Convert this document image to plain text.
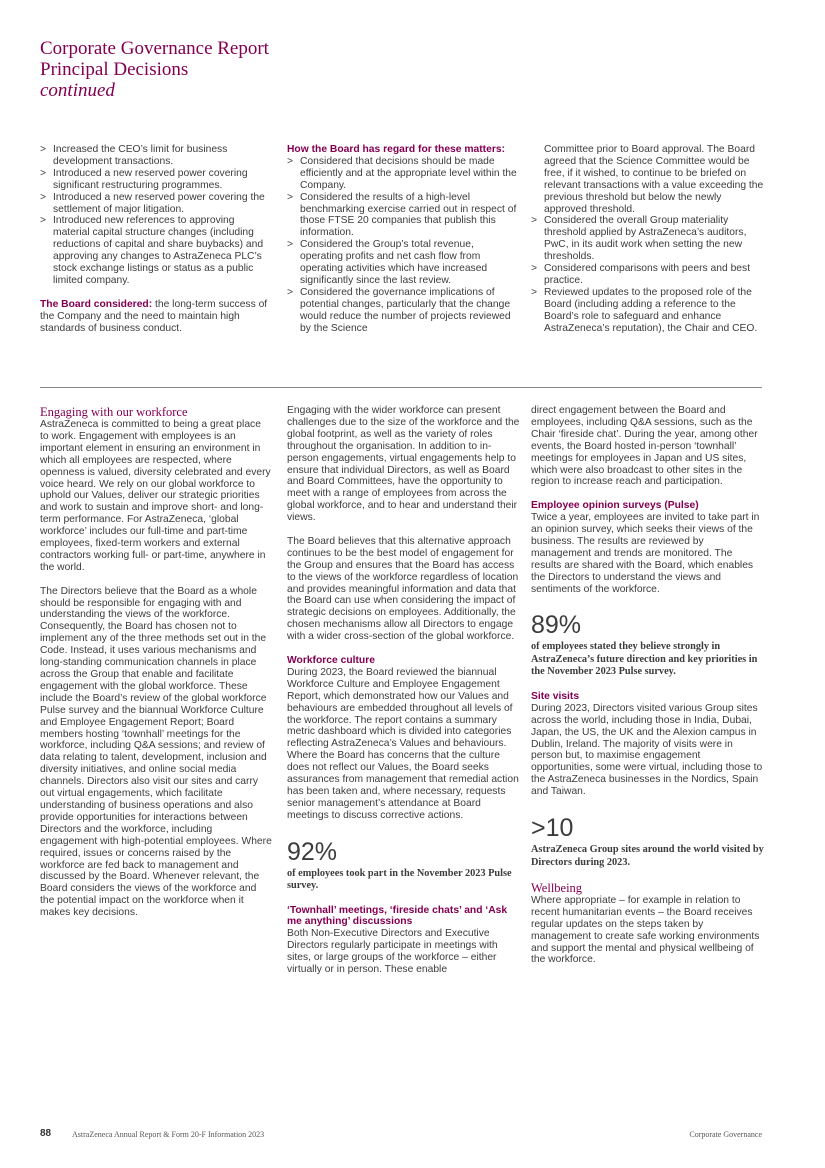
Corporate Governance Report
Principal Decisions
continued
> Increased the CEO’s limit for business development transactions.
> Introduced a new reserved power covering significant restructuring programmes.
> Introduced a new reserved power covering the settlement of major litigation.
> Introduced new references to approving material capital structure changes (including reductions of capital and share buybacks) and approving any changes to AstraZeneca PLC’s stock exchange listings or status as a public limited company.

The Board considered: the long-term success of the Company and the need to maintain high standards of business conduct.

How the Board has regard for these matters:

> Considered that decisions should be made efficiently and at the appropriate level within the Company.
> Considered the results of a high-level benchmarking exercise carried out in respect of those FTSE 20 companies that publish this information.
> Considered the Group’s total revenue, operating profits and net cash flow from operating activities which have increased significantly since the last review.
> Considered the governance implications of potential changes, particularly that the change would reduce the number of projects reviewed by the Science

Committee prior to Board approval. The Board agreed that the Science Committee would be free, if it wished, to continue to be briefed on relevant transactions with a value exceeding the previous threshold but below the newly approved threshold.

> Considered the overall Group materiality threshold applied by AstraZeneca’s auditors, PwC, in its audit work when setting the new thresholds.
> Considered comparisons with peers and best practice.
> Reviewed updates to the proposed role of the Board (including adding a reference to the Board’s role to safeguard and enhance AstraZeneca’s reputation), the Chair and CEO.

Engaging with our workforce

AstraZeneca is committed to being a great place to work. Engagement with employees is an important element in ensuring an environment in which all employees are respected, where openness is valued, diversity celebrated and every voice heard. We rely on our global workforce to uphold our Values, deliver our strategic priorities and work to sustain and improve short- and long-term performance. For AstraZeneca, ‘global workforce’ includes our full-time and part-time employees, fixed-term workers and external contractors working full- or part-time, anywhere in the world.

The Directors believe that the Board as a whole should be responsible for engaging with and understanding the views of the workforce. Consequently, the Board has chosen not to implement any of the three methods set out in the Code. Instead, it uses various mechanisms and long-standing communication channels in place across the Group that enable and facilitate engagement with the global workforce. These include the Board’s review of the global workforce Pulse survey and the biannual Workforce Culture and Employee Engagement Report; Board members hosting ‘townhall’ meetings for the workforce, including Q&A sessions; and review of data relating to talent, development, inclusion and diversity initiatives, and online social media channels. Directors also visit our sites and carry out virtual engagements, which facilitate understanding of business operations and also provide opportunities for interactions between Directors and the workforce, including engagement with high-potential employees. Where required, issues or concerns raised by the workforce are fed back to management and discussed by the Board. Whenever relevant, the Board considers the views of the workforce and the potential impact on the workforce when it makes key decisions.

Engaging with the wider workforce can present challenges due to the size of the workforce and the global footprint, as well as the variety of roles throughout the organisation. In addition to in-person engagements, virtual engagements help to ensure that individual Directors, as well as Board and Board Committees, have the opportunity to meet with a range of employees from across the global workforce, and to hear and understand their views.

The Board believes that this alternative approach continues to be the best model of engagement for the Group and ensures that the Board has access to the views of the workforce regardless of location and provides meaningful information and data that the Board can use when considering the impact of strategic decisions on employees. Additionally, the chosen mechanisms allow all Directors to engage with a wider cross-section of the global workforce.

Workforce culture

During 2023, the Board reviewed the biannual Workforce Culture and Employee Engagement Report, which demonstrated how our Values and behaviours are embedded throughout all levels of the workforce. The report contains a summary metric dashboard which is divided into categories reflecting AstraZeneca’s Values and behaviours. Where the Board has concerns that the culture does not reflect our Values, the Board seeks assurances from management that remedial action has been taken and, where necessary, requests senior management’s attendance at Board meetings to discuss corrective actions.

92%
of employees took part in the November 2023 Pulse survey.

‘Townhall’ meetings, ‘fireside chats’ and ‘Ask me anything’ discussions

Both Non-Executive Directors and Executive Directors regularly participate in meetings with sites, or large groups of the workforce – either virtually or in person. These enable

direct engagement between the Board and employees, including Q&A sessions, such as the Chair ‘fireside chat’. During the year, among other events, the Board hosted in-person ‘townhall’ meetings for employees in Japan and US sites, which were also broadcast to other sites in the region to increase reach and participation.

Employee opinion surveys (Pulse)

Twice a year, employees are invited to take part in an opinion survey, which seeks their views of the business. The results are reviewed by management and trends are monitored. The results are shared with the Board, which enables the Directors to understand the views and sentiments of the workforce.

89%
of employees stated they believe strongly in AstraZeneca’s future direction and key priorities in the November 2023 Pulse survey.

Site visits

During 2023, Directors visited various Group sites across the world, including those in India, Dubai, Japan, the US, the UK and the Alexion campus in Dublin, Ireland. The majority of visits were in person but, to maximise engagement opportunities, some were virtual, including those to the AstraZeneca businesses in the Nordics, Spain and Taiwan.

>10
AstraZeneca Group sites around the world visited by Directors during 2023.

Wellbeing

Where appropriate – for example in relation to recent humanitarian events – the Board receives regular updates on the steps taken by management to create safe working environments and support the mental and physical wellbeing of the workforce.

88	AstraZeneca Annual Report & Form 20-F Information 2023	Corporate Governance
